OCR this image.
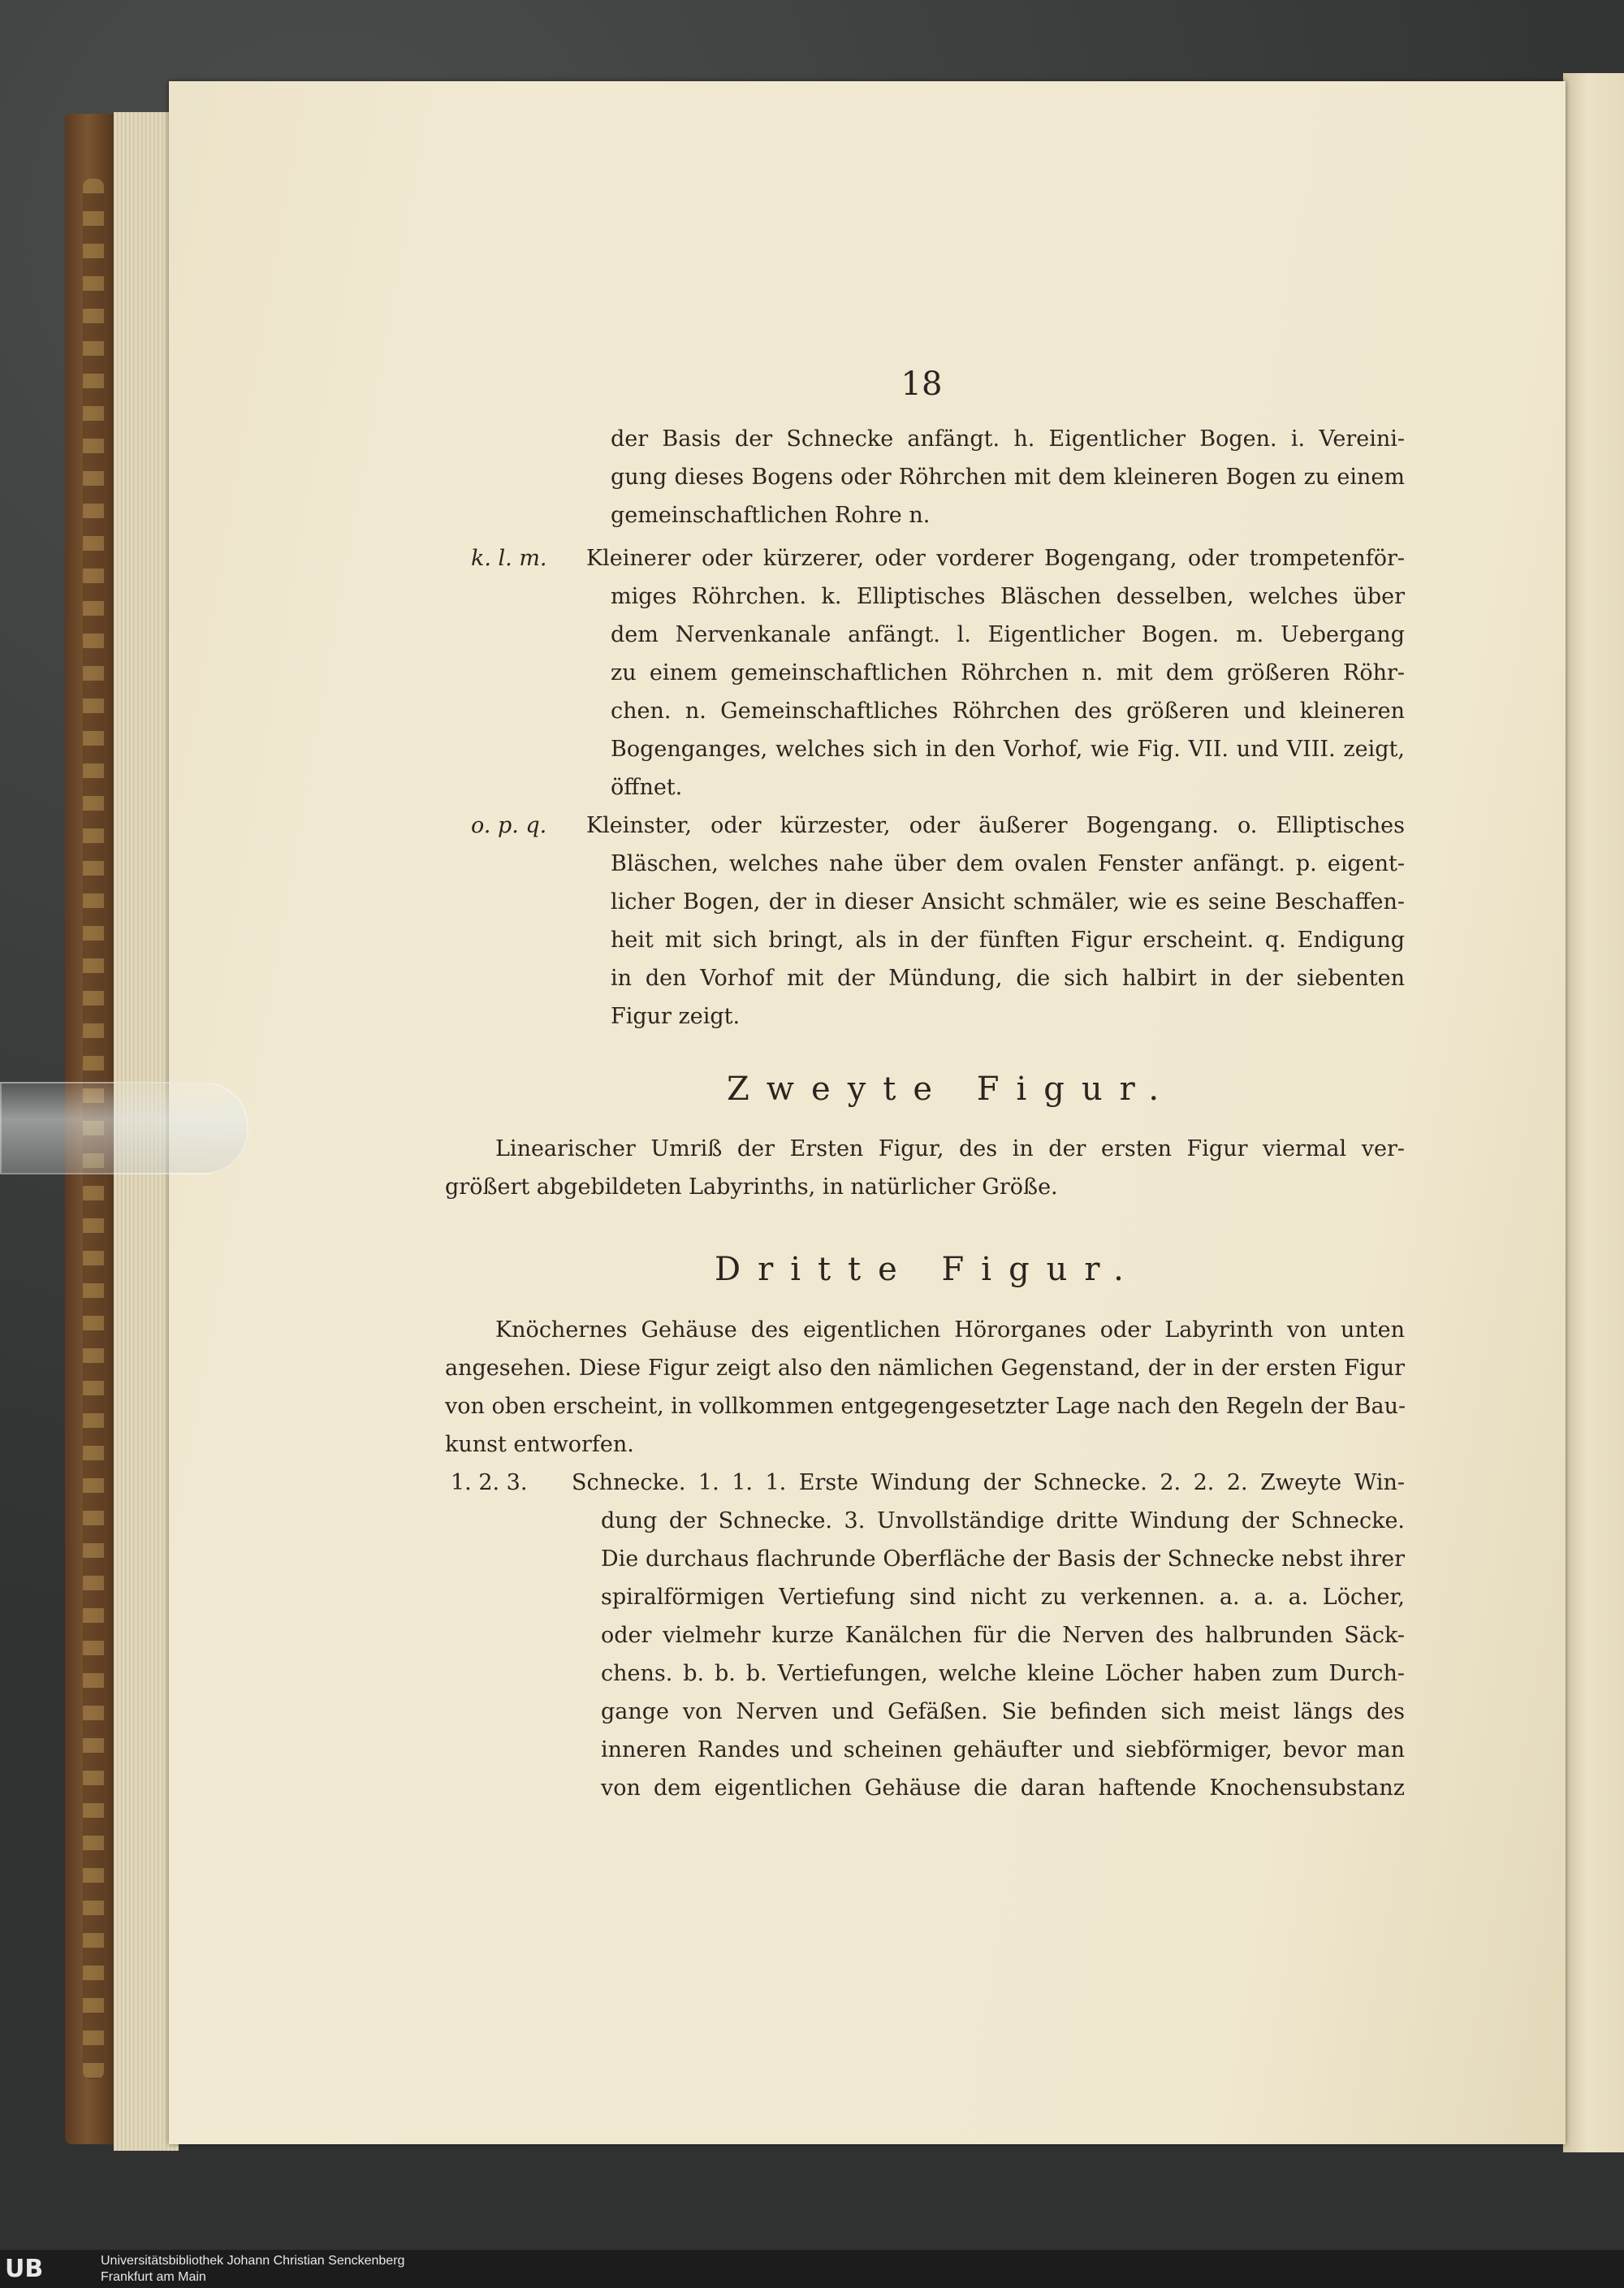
18
der Basis der Schnecke anfängt. h. Eigentlicher Bogen. i. Vereini-
gung dieses Bogens oder Röhrchen mit dem kleineren Bogen zu einem
gemeinschaftlichen Rohre n.
k. l. m. Kleinerer oder kürzerer, oder vorderer Bogengang, oder trompetenför-
miges Röhrchen. k. Elliptisches Bläschen desselben, welches über
dem Nervenkanale anfängt. l. Eigentlicher Bogen. m. Uebergang
zu einem gemeinschaftlichen Röhrchen n. mit dem größeren Röhr-
chen. n. Gemeinschaftliches Röhrchen des größeren und kleineren
Bogenganges, welches sich in den Vorhof, wie Fig. VII. und VIII. zeigt,
öffnet.
o. p. q. Kleinster, oder kürzester, oder äußerer Bogengang. o. Elliptisches
Bläschen, welches nahe über dem ovalen Fenster anfängt. p. eigent-
licher Bogen, der in dieser Ansicht schmäler, wie es seine Beschaffen-
heit mit sich bringt, als in der fünften Figur erscheint. q. Endigung
in den Vorhof mit der Mündung, die sich halbirt in der siebenten
Figur zeigt.
Zweyte Figur.
Linearischer Umriß der Ersten Figur, des in der ersten Figur viermal ver-
größert abgebildeten Labyrinths, in natürlicher Größe.
Dritte Figur.
Knöchernes Gehäuse des eigentlichen Hörorganes oder Labyrinth von unten
angesehen. Diese Figur zeigt also den nämlichen Gegenstand, der in der ersten Figur
von oben erscheint, in vollkommen entgegengesetzter Lage nach den Regeln der Bau-
kunst entworfen.
1. 2. 3. Schnecke. 1. 1. 1. Erste Windung der Schnecke. 2. 2. 2. Zweyte Win-
dung der Schnecke. 3. Unvollständige dritte Windung der Schnecke.
Die durchaus flachrunde Oberfläche der Basis der Schnecke nebst ihrer
spiralförmigen Vertiefung sind nicht zu verkennen. a. a. a. Löcher,
oder vielmehr kurze Kanälchen für die Nerven des halbrunden Säck-
chens. b. b. b. Vertiefungen, welche kleine Löcher haben zum Durch-
gange von Nerven und Gefäßen. Sie befinden sich meist längs des
inneren Randes und scheinen gehäufter und siebförmiger, bevor man
von dem eigentlichen Gehäuse die daran haftende Knochensubstanz
UB	Universitätsbibliothek Johann Christian Senckenberg
Frankfurt am Main
